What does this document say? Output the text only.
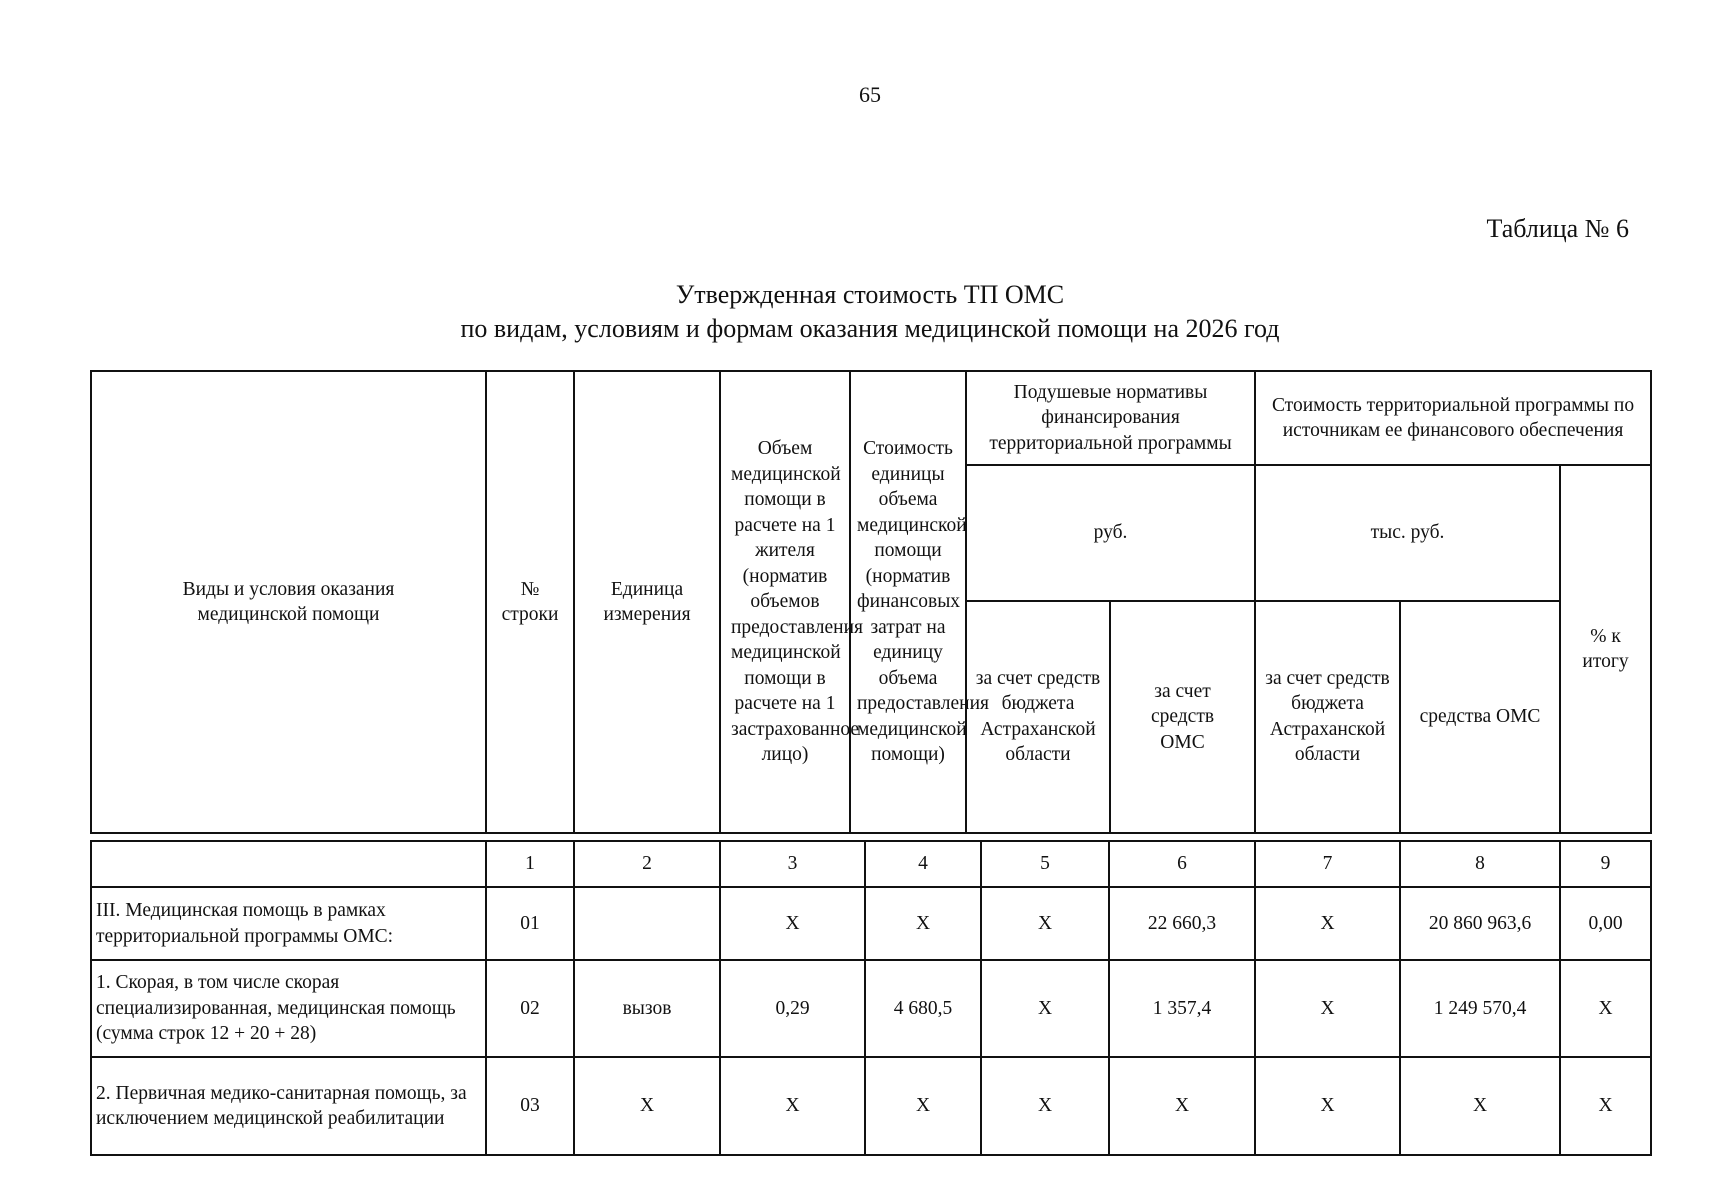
65
Таблица № 6
Утвержденная стоимость ТП ОМС
по видам, условиям и формам оказания медицинской помощи на 2026 год
Виды и условия оказания медицинской помощи	№ строки	Единица измерения	Объем медицинской помощи в расчете на 1 жителя (норматив объемов предоставления медицинской помощи в расчете на 1 застрахованное лицо)	Стоимость единицы объема медицинской помощи (норматив финансовых затрат на единицу объема предоставления медицинской помощи)	Подушевые нормативы финансирования территориальной программы		Стоимость территориальной программы по источникам ее финансового обеспечения		
					руб.		тыс. руб.		% к итогу
					за счет средств бюджета Астраханской области	за счет средств ОМС	за счет средств бюджета Астраханской области	средства ОМС	
	1	2	3	4	5	6	7	8	9
III. Медицинская помощь в рамках территориальной программы ОМС:	01		Х	Х	Х	22 660,3	Х	20 860 963,6	0,00
1. Скорая, в том числе скорая специализированная, медицинская помощь (сумма строк 12 + 20 + 28)	02	вызов	0,29	4 680,5	Х	1 357,4	Х	1 249 570,4	Х
2. Первичная медико-санитарная помощь, за исключением медицинской реабилитации	03	Х	Х	Х	Х	Х	Х	Х	Х
